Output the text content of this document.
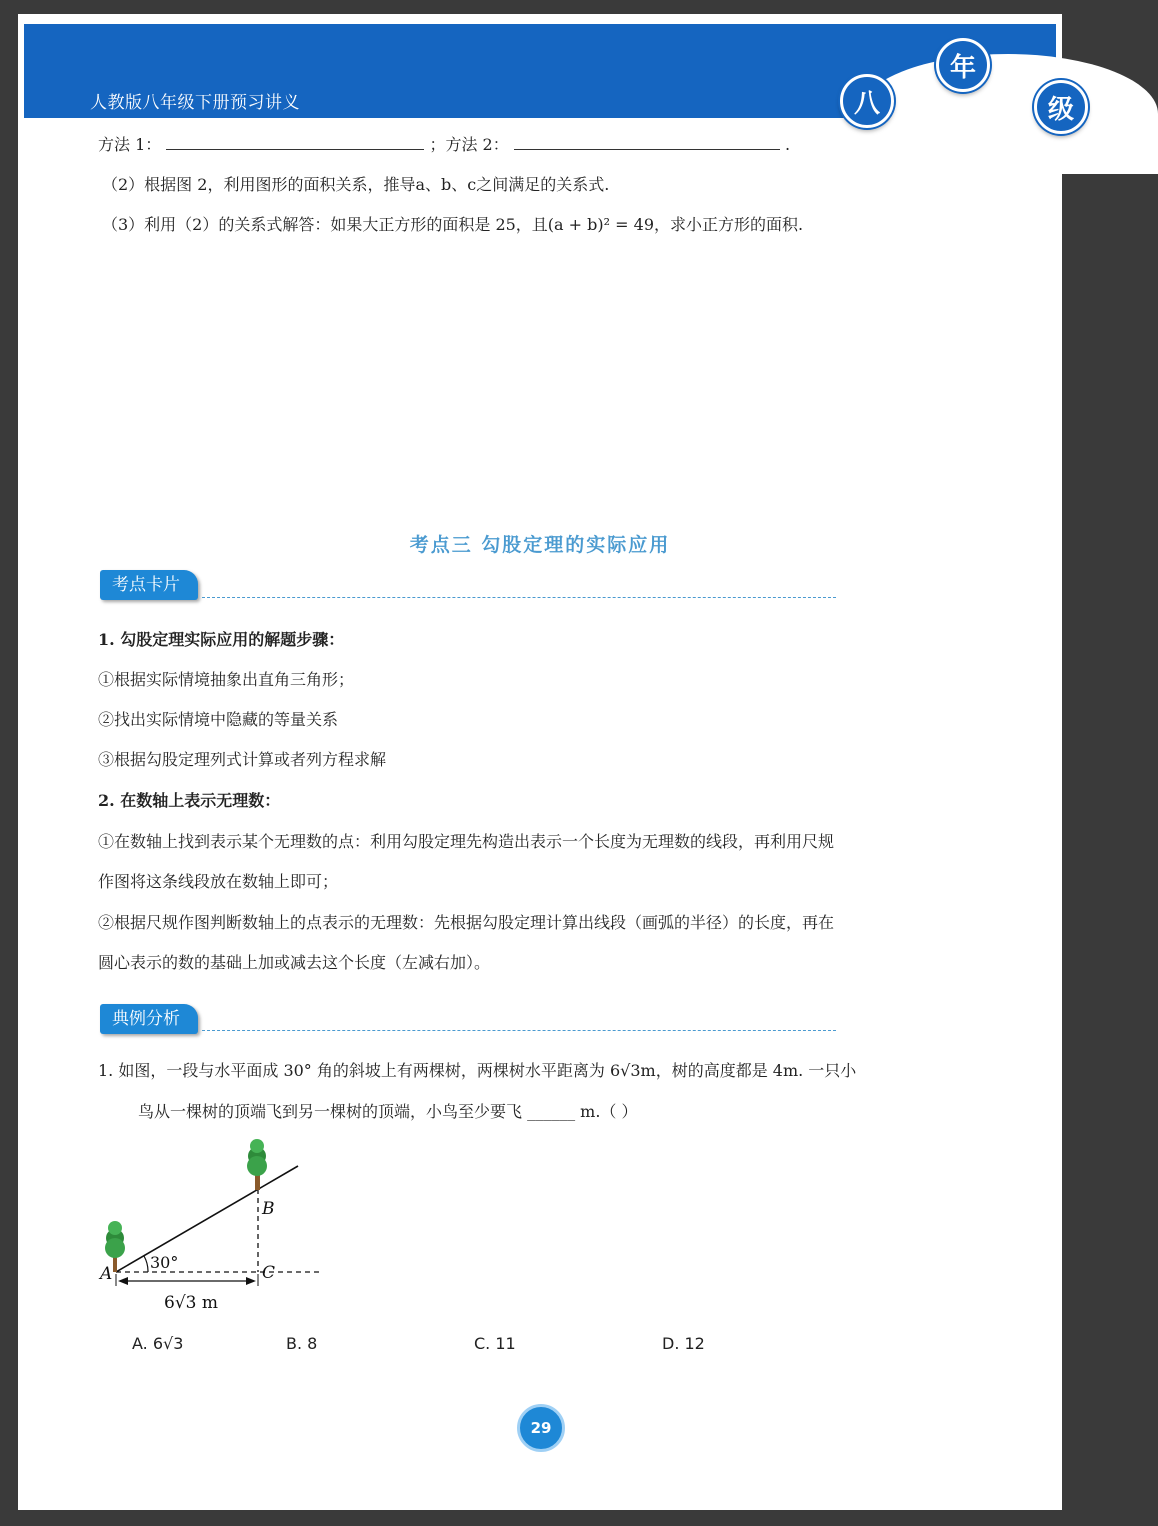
人教版八年级下册预习讲义	八
年
级
方法 1：	；方法 2：	.
（2）根据图 2，利用图形的面积关系，推导a、b、c之间满足的关系式.
（3）利用（2）的关系式解答：如果大正方形的面积是 25，且(a + b)² = 49，求小正方形的面积.
考点三 勾股定理的实际应用
考点卡片
1. 勾股定理实际应用的解题步骤：
①根据实际情境抽象出直角三角形；
②找出实际情境中隐藏的等量关系
③根据勾股定理列式计算或者列方程求解
2. 在数轴上表示无理数：
①在数轴上找到表示某个无理数的点：利用勾股定理先构造出表示一个长度为无理数的线段，再利用尺规
作图将这条线段放在数轴上即可；
②根据尺规作图判断数轴上的点表示的无理数：先根据勾股定理计算出线段（画弧的半径）的长度，再在
圆心表示的数的基础上加或减去这个长度（左减右加）。
典例分析
1. 如图，一段与水平面成 30° 角的斜坡上有两棵树，两棵树水平距离为 6√3m，树的高度都是 4m. 一只小
鸟从一棵树的顶端飞到另一棵树的顶端，小鸟至少要飞 ______ m.（ ）
A
B
C
30°
6√3 m
A. 6√3	B. 8	C. 11	D. 12
29
